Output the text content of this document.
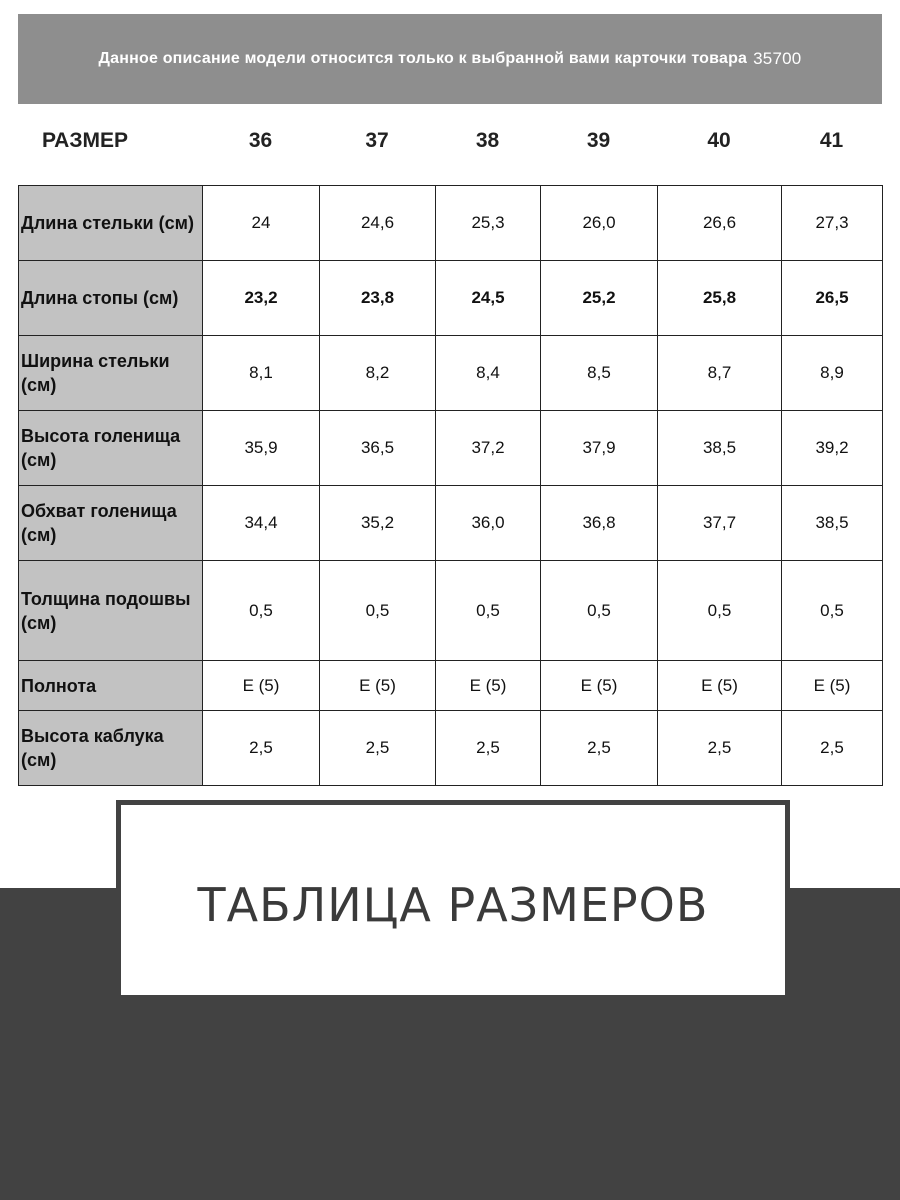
Данное описание модели относится только к выбранной вами карточки товара 35700
РАЗМЕР	36	37	38	39	40	41
Длина стельки (см)	24	24,6	25,3	26,0	26,6	27,3
Длина стопы (см)	23,2	23,8	24,5	25,2	25,8	26,5
Ширина стельки (см)	8,1	8,2	8,4	8,5	8,7	8,9
Высота голенища (см)	35,9	36,5	37,2	37,9	38,5	39,2
Обхват голенища (см)	34,4	35,2	36,0	36,8	37,7	38,5
Толщина подошвы (см)	0,5	0,5	0,5	0,5	0,5	0,5
Полнота	E (5)	E (5)	E (5)	E (5)	E (5)	E (5)
Высота каблука (см)	2,5	2,5	2,5	2,5	2,5	2,5
ТАБЛИЦА РАЗМЕРОВ
